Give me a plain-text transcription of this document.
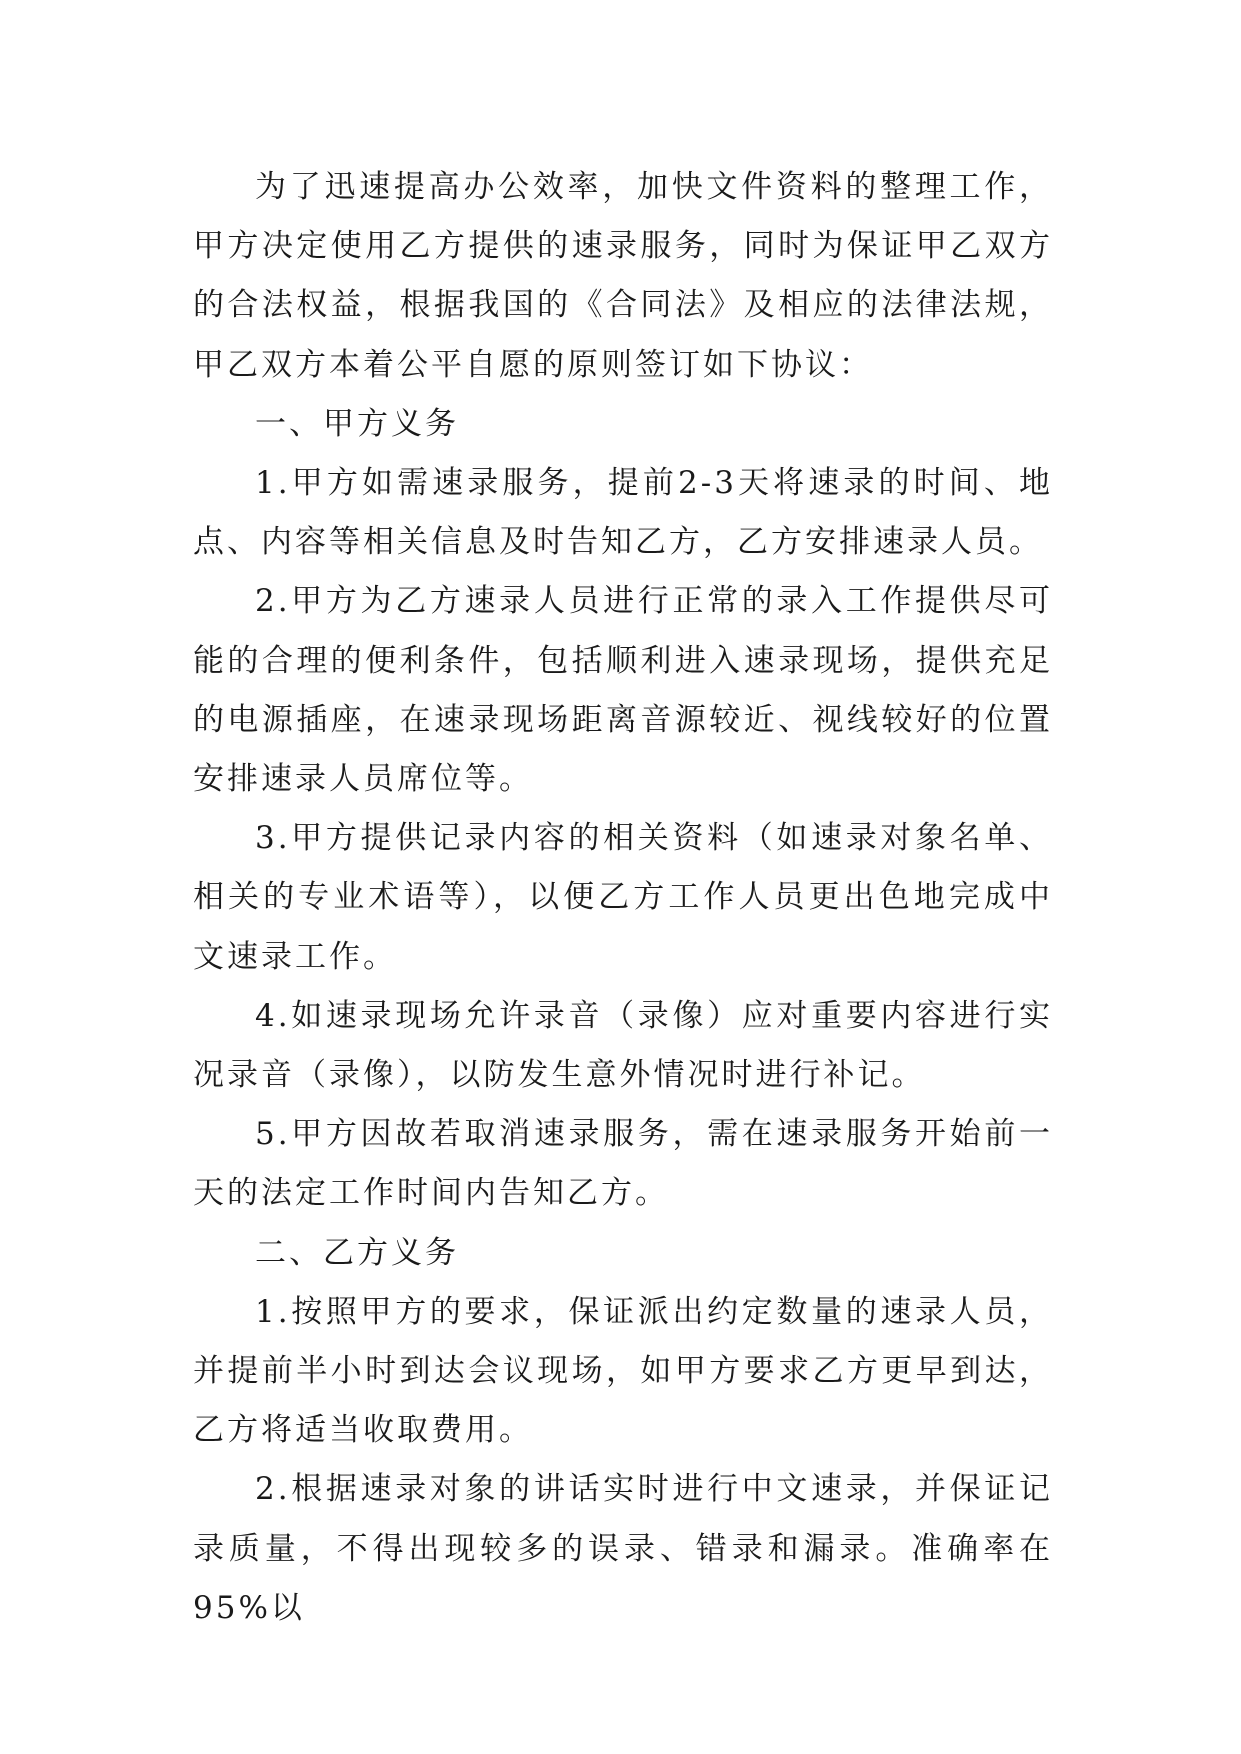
为了迅速提高办公效率，加快文件资料的整理工作，甲方决定使用乙方提供的速录服务，同时为保证甲乙双方的合法权益，根据我国的《合同法》及相应的法律法规，甲乙双方本着公平自愿的原则签订如下协议：

一、甲方义务

1.甲方如需速录服务，提前2-3天将速录的时间、地点、内容等相关信息及时告知乙方，乙方安排速录人员。

2.甲方为乙方速录人员进行正常的录入工作提供尽可能的合理的便利条件，包括顺利进入速录现场，提供充足的电源插座，在速录现场距离音源较近、视线较好的位置安排速录人员席位等。

3.甲方提供记录内容的相关资料（如速录对象名单、相关的专业术语等），以便乙方工作人员更出色地完成中文速录工作。

4.如速录现场允许录音（录像）应对重要内容进行实况录音（录像），以防发生意外情况时进行补记。

5.甲方因故若取消速录服务，需在速录服务开始前一天的法定工作时间内告知乙方。

二、乙方义务

1.按照甲方的要求，保证派出约定数量的速录人员，并提前半小时到达会议现场，如甲方要求乙方更早到达，乙方将适当收取费用。

2.根据速录对象的讲话实时进行中文速录，并保证记录质量，不得出现较多的误录、错录和漏录。准确率在95%以
